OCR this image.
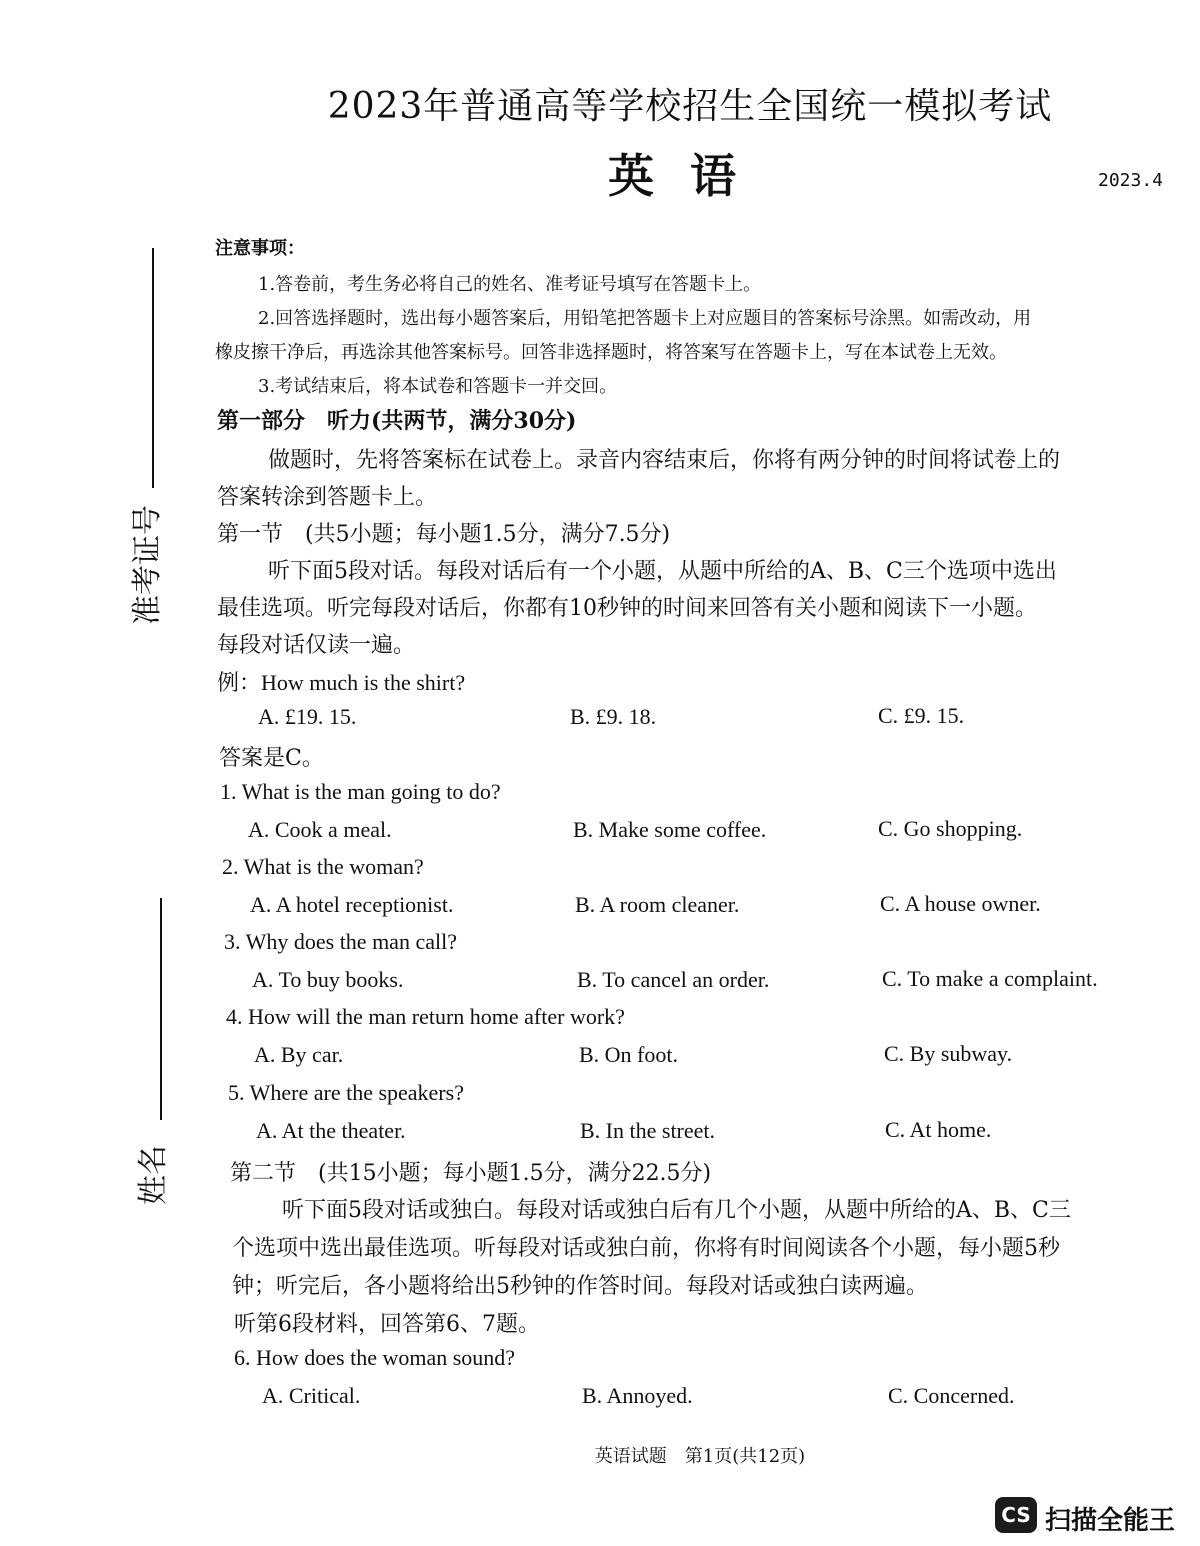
2023年普通高等学校招生全国统一模拟考试
英语	2023.4
准考证号
姓名
注意事项：
1.答卷前，考生务必将自己的姓名、准考证号填写在答题卡上。
2.回答选择题时，选出每小题答案后，用铅笔把答题卡上对应题目的答案标号涂黑。如需改动，用
橡皮擦干净后，再选涂其他答案标号。回答非选择题时，将答案写在答题卡上，写在本试卷上无效。
3.考试结束后，将本试卷和答题卡一并交回。
第一部分　听力(共两节，满分30分)
做题时，先将答案标在试卷上。录音内容结束后，你将有两分钟的时间将试卷上的
答案转涂到答题卡上。
第一节　(共5小题；每小题1.5分，满分7.5分)
听下面5段对话。每段对话后有一个小题，从题中所给的A、B、C三个选项中选出
最佳选项。听完每段对话后，你都有10秒钟的时间来回答有关小题和阅读下一小题。
每段对话仅读一遍。
例：How much is the shirt?
A. £19. 15.	B. £9. 18.	C. £9. 15.
答案是C。
1. What is the man going to do?
A. Cook a meal.	B. Make some coffee.	C. Go shopping.
2. What is the woman?
A. A hotel receptionist.	B. A room cleaner.	C. A house owner.
3. Why does the man call?
A. To buy books.	B. To cancel an order.	C. To make a complaint.
4. How will the man return home after work?
A. By car.	B. On foot.	C. By subway.
5. Where are the speakers?
A. At the theater.	B. In the street.	C. At home.
第二节　(共15小题；每小题1.5分，满分22.5分)
听下面5段对话或独白。每段对话或独白后有几个小题，从题中所给的A、B、C三
个选项中选出最佳选项。听每段对话或独白前，你将有时间阅读各个小题，每小题5秒
钟；听完后，各小题将给出5秒钟的作答时间。每段对话或独白读两遍。
听第6段材料，回答第6、7题。
6. How does the woman sound?
A. Critical.	B. Annoyed.	C. Concerned.
英语试题　第1页(共12页)
CS 扫描全能王
